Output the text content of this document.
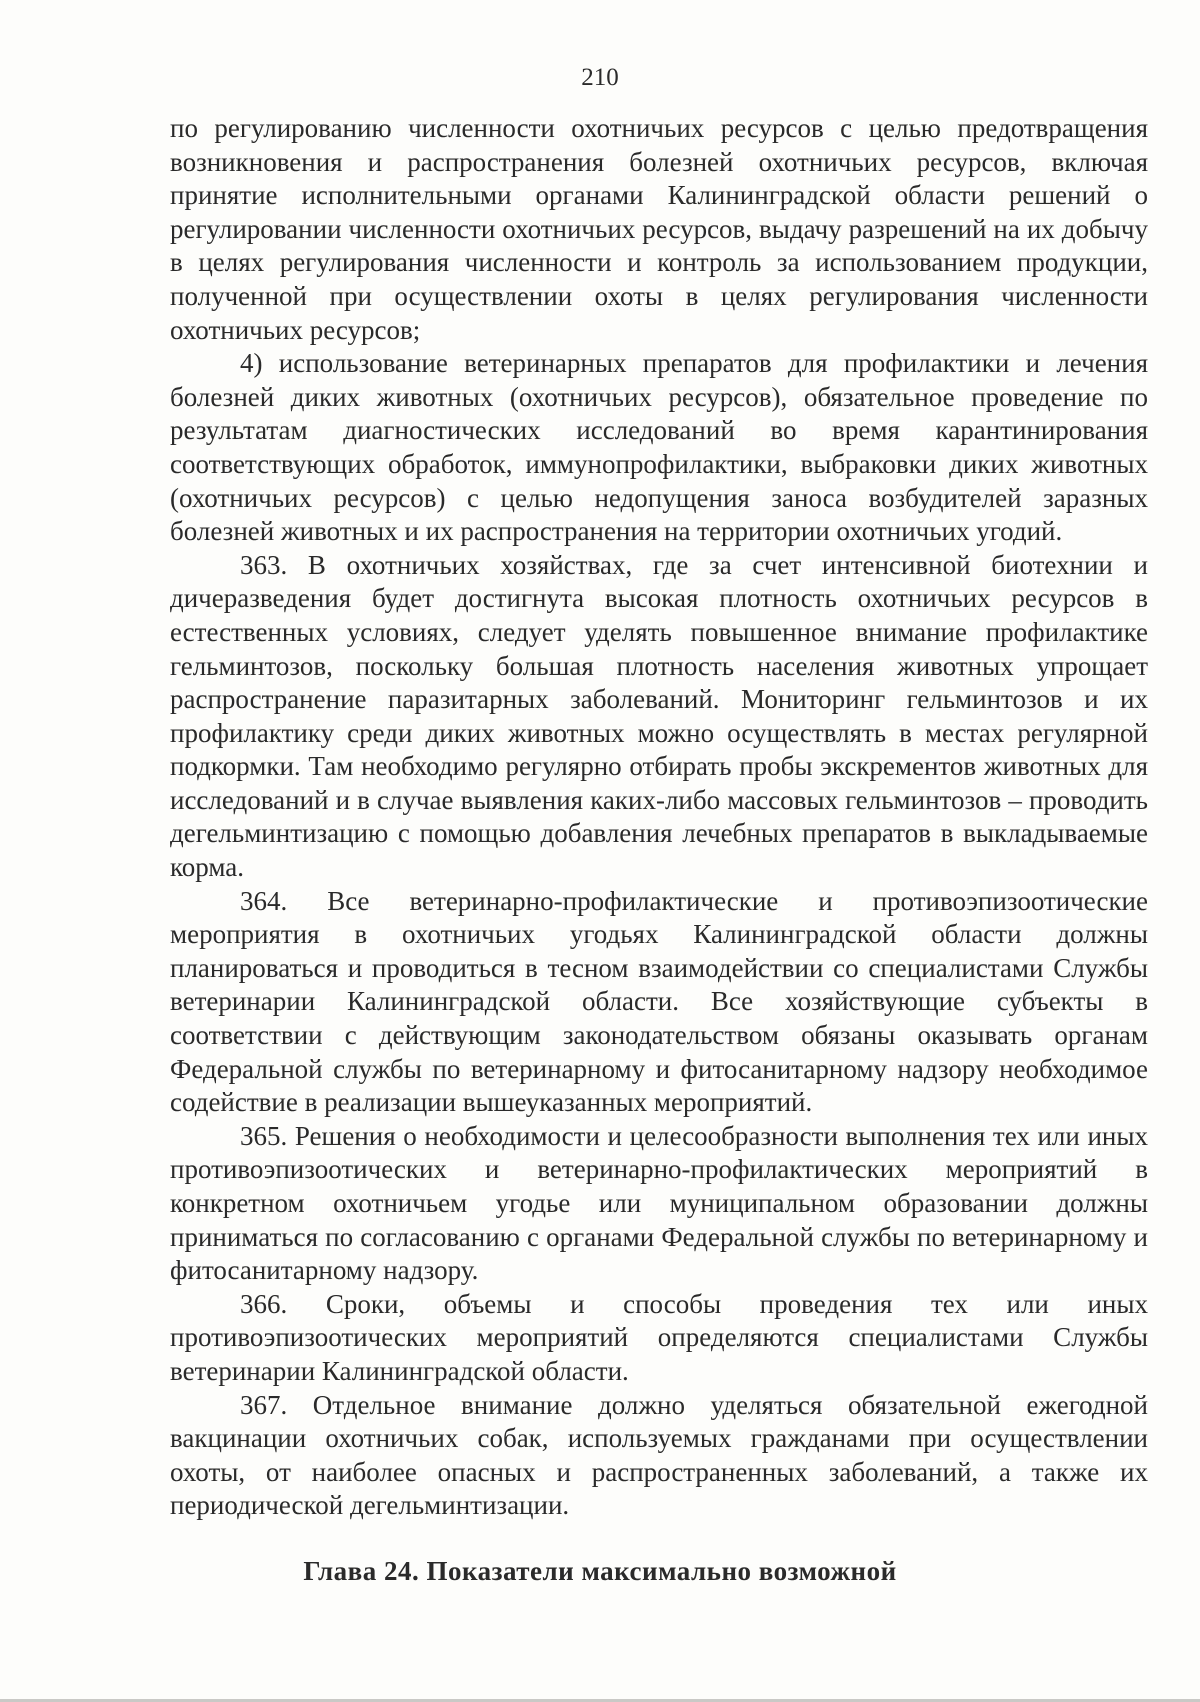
210

по регулированию численности охотничьих ресурсов с целью предотвращения возникновения и распространения болезней охотничьих ресурсов, включая принятие исполнительными органами Калининградской области решений о регулировании численности охотничьих ресурсов, выдачу разрешений на их добычу в целях регулирования численности и контроль за использованием продукции, полученной при осуществлении охоты в целях регулирования численности охотничьих ресурсов;

4) использование ветеринарных препаратов для профилактики и лечения болезней диких животных (охотничьих ресурсов), обязательное проведение по результатам диагностических исследований во время карантинирования соответствующих обработок, иммунопрофилактики, выбраковки диких животных (охотничьих ресурсов) с целью недопущения заноса возбудителей заразных болезней животных и их распространения на территории охотничьих угодий.

363. В охотничьих хозяйствах, где за счет интенсивной биотехнии и дичеразведения будет достигнута высокая плотность охотничьих ресурсов в естественных условиях, следует уделять повышенное внимание профилактике гельминтозов, поскольку большая плотность населения животных упрощает распространение паразитарных заболеваний. Мониторинг гельминтозов и их профилактику среди диких животных можно осуществлять в местах регулярной подкормки. Там необходимо регулярно отбирать пробы экскрементов животных для исследований и в случае выявления каких-либо массовых гельминтозов – проводить дегельминтизацию с помощью добавления лечебных препаратов в выкладываемые корма.

364. Все ветеринарно-профилактические и противоэпизоотические мероприятия в охотничьих угодьях Калининградской области должны планироваться и проводиться в тесном взаимодействии со специалистами Службы ветеринарии Калининградской области. Все хозяйствующие субъекты в соответствии с действующим законодательством обязаны оказывать органам Федеральной службы по ветеринарному и фитосанитарному надзору необходимое содействие в реализации вышеуказанных мероприятий.

365. Решения о необходимости и целесообразности выполнения тех или иных противоэпизоотических и ветеринарно-профилактических мероприятий в конкретном охотничьем угодье или муниципальном образовании должны приниматься по согласованию с органами Федеральной службы по ветеринарному и фитосанитарному надзору.

366. Сроки, объемы и способы проведения тех или иных противоэпизоотических мероприятий определяются специалистами Службы ветеринарии Калининградской области.

367. Отдельное внимание должно уделяться обязательной ежегодной вакцинации охотничьих собак, используемых гражданами при осуществлении охоты, от наиболее опасных и распространенных заболеваний, а также их периодической дегельминтизации.

Глава 24. Показатели максимально возможной
